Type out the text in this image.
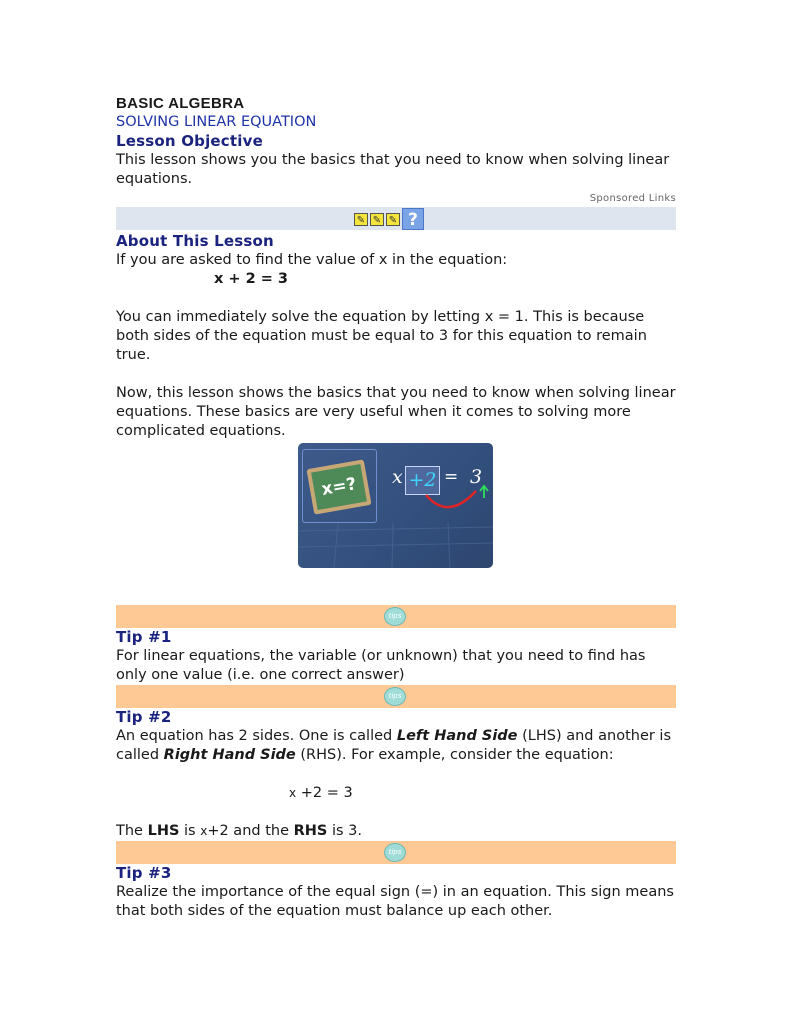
BASIC ALGEBRA
SOLVING LINEAR EQUATION
Lesson Objective

This lesson shows you the basics that you need to know when solving linear equations.

Sponsored Links
✎ ✎ ✎ ?
About This Lesson

If you are asked to find the value of x in the equation:

x + 2 = 3

You can immediately solve the equation by letting x = 1. This is because both sides of the equation must be equal to 3 for this equation to remain true.

Now, this lesson shows the basics that you need to know when solving linear equations. These basics are very useful when it comes to solving more complicated equations.

x=?	x +2 = 3
tips
Tip #1

For linear equations, the variable (or unknown) that you need to find has only one value (i.e. one correct answer)

tips
Tip #2

An equation has 2 sides. One is called Left Hand Side (LHS) and another is called Right Hand Side (RHS). For example, consider the equation:

x +2 = 3

The LHS is x+2 and the RHS is 3.

tips
Tip #3

Realize the importance of the equal sign (=) in an equation. This sign means that both sides of the equation must balance up each other.
